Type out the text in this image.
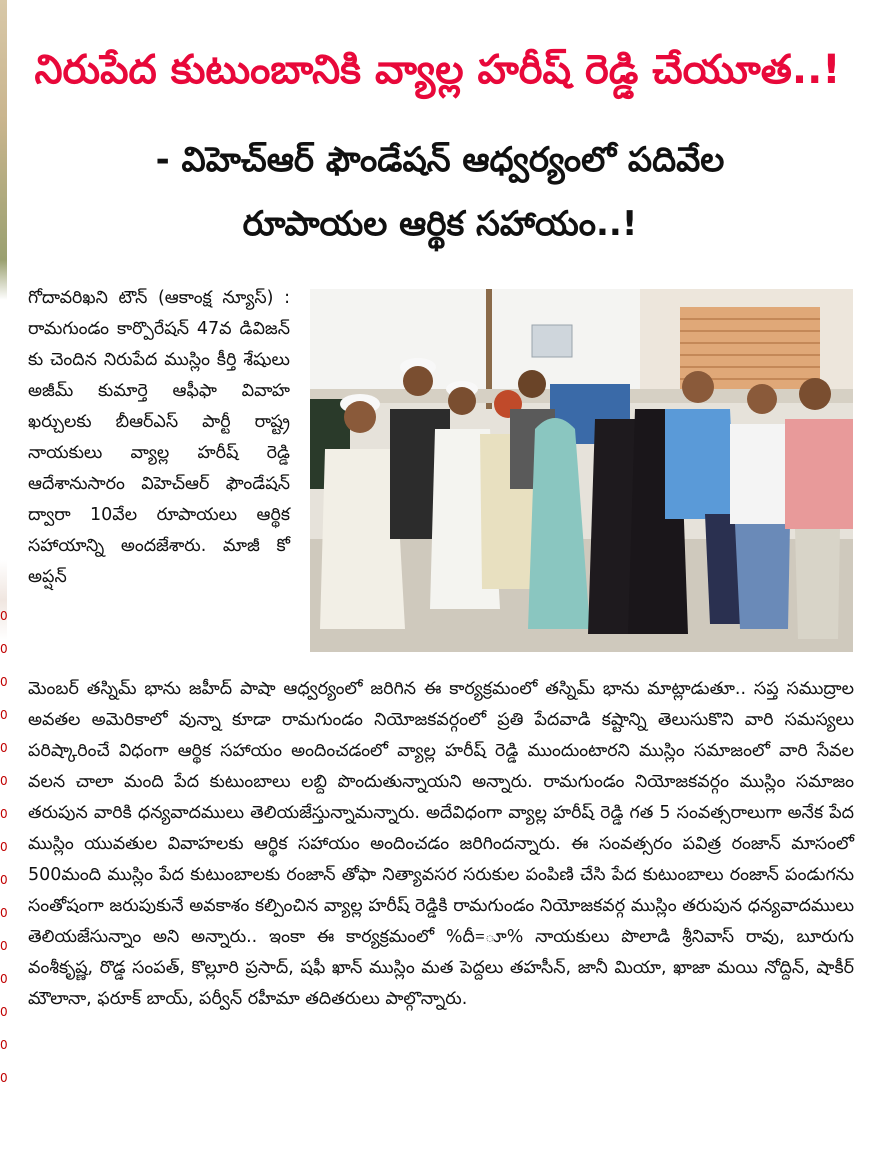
0
0
0
0
0
0
0
0
0
0
0
0
0
0
0
నిరుపేద కుటుంబానికి వ్యాల్ల హరీష్ రెడ్డి చేయూత..!
- విహెచ్ఆర్ ఫౌండేషన్ ఆధ్వర్యంలో పదివేల
రూపాయల ఆర్థిక సహాయం..!

గోదావరిఖని టౌన్ (ఆకాంక్ష న్యూస్) : రామగుండం కార్పొరేషన్ 47వ డివిజన్ కు చెందిన నిరుపేద ముస్లిం కీర్తి శేషులు అజీమ్ కుమార్తె ఆఫీఫా వివాహ ఖర్చులకు బీఆర్ఎస్ పార్టీ రాష్ట్ర నాయకులు వ్యాల్ల హరీష్ రెడ్డి ఆదేశానుసారం విహెచ్ఆర్ ఫౌండేషన్ ద్వారా 10వేల రూపాయలు ఆర్థిక సహాయాన్ని అందజేశారు. మాజీ కో అప్షన్

మెంబర్ తస్నిమ్ భాను జహీద్ పాషా ఆధ్వర్యంలో జరిగిన ఈ కార్యక్రమంలో తస్నిమ్ భాను మాట్లాడుతూ.. సప్త సముద్రాల అవతల అమెరికాలో వున్నా కూడా రామగుండం నియోజకవర్గంలో ప్రతి పేదవాడి కష్టాన్ని తెలుసుకొని వారి సమస్యలు పరిష్కారించే విధంగా ఆర్థిక సహాయం అందించడంలో వ్యాల్ల హరీష్ రెడ్డి ముందుంటారని ముస్లిం సమాజంలో వారి సేవల వలన చాలా మంది పేద కుటుంబాలు లబ్ది పొందుతున్నాయని అన్నారు. రామగుండం నియోజకవర్గం ముస్లిం సమాజం తరుపున వారికి ధన్యవాదములు తెలియజేస్తున్నామన్నారు. అదేవిధంగా వ్యాల్ల హరీష్ రెడ్డి గత 5 సంవత్సరాలుగా అనేక పేద ముస్లిం యువతుల వివాహలకు ఆర్థిక సహాయం అందించడం జరిగిందన్నారు. ఈ సంవత్సరం పవిత్ర రంజాన్ మాసంలో 500మంది ముస్లిం పేద కుటుంబాలకు రంజాన్ తోఫా నిత్యావసర సరుకుల పంపిణి చేసి పేద కుటుంబాలు రంజాన్ పండుగను సంతోషంగా జరుపుకునే అవకాశం కల్పించిన వ్యాల్ల హరీష్ రెడ్డికి రామగుండం నియోజకవర్గ ముస్లిం తరుపున ధన్యవాదములు తెలియజేసున్నాం అని అన్నారు.. ఇంకా ఈ కార్యక్రమంలో %దీ=ూ% నాయకులు పొలాడి శ్రీనివాస్ రావు, బూరుగు వంశీకృష్ణ, రొడ్డ సంపత్, కొల్లూరి ప్రసాద్, షఫీ ఖాన్ ముస్లిం మత పెద్దలు తహసీన్, జానీ మియా, ఖాజా మయి నోద్దిన్, షాకీర్ మౌలానా, ఫరూక్ బాయ్, పర్వీన్ రహీమా తదితరులు పాల్గొన్నారు.
